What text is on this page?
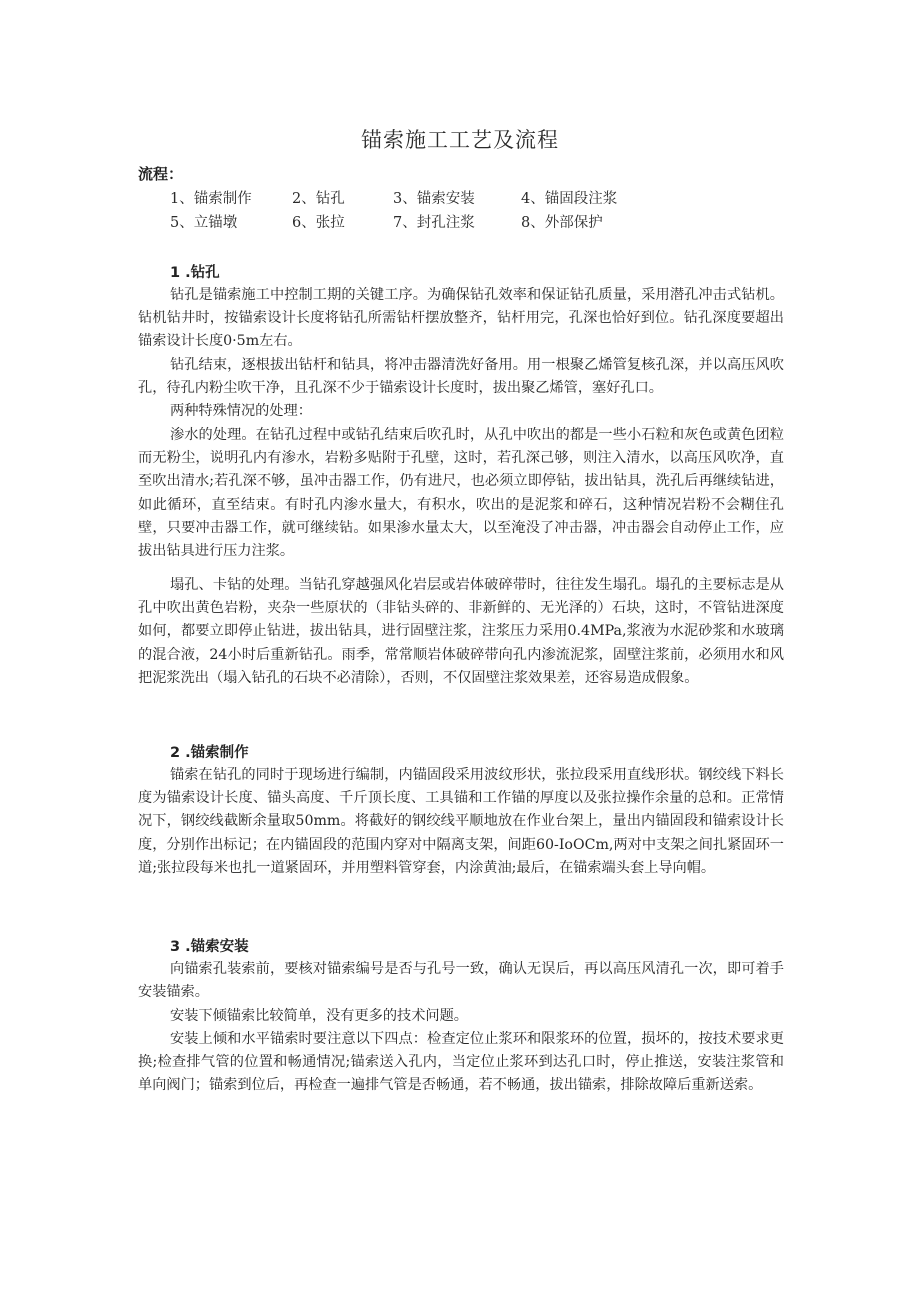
锚索施工工艺及流程
流程：
1、锚索制作	2、钻孔	3、锚索安装	4、锚固段注浆
5、立锚墩	6、张拉	7、封孔注浆	8、外部保护
1 .钻孔
钻孔是锚索施工中控制工期的关键工序。为确保钻孔效率和保证钻孔质量，采用潜孔冲击式钻机。钻机钻井时，按锚索设计长度将钻孔所需钻杆摆放整齐，钻杆用完，孔深也恰好到位。钻孔深度要超出锚索设计长度0·5m左右。
钻孔结束，逐根拔出钻杆和钻具，将冲击器清洗好备用。用一根聚乙烯管复核孔深，并以高压风吹孔，待孔内粉尘吹干净，且孔深不少于锚索设计长度时，拔出聚乙烯管，塞好孔口。
两种特殊情况的处理：
渗水的处理。在钻孔过程中或钻孔结束后吹孔时，从孔中吹出的都是一些小石粒和灰色或黄色团粒而无粉尘，说明孔内有渗水，岩粉多贴附于孔壁，这时，若孔深己够，则注入清水，以高压风吹净，直至吹出清水;若孔深不够，虽冲击器工作，仍有进尺，也必须立即停钻，拔出钻具，洗孔后再继续钻进，如此循环，直至结束。有时孔内渗水量大，有积水，吹出的是泥浆和碎石，这种情况岩粉不会糊住孔壁，只要冲击器工作，就可继续钻。如果渗水量太大，以至淹没了冲击器，冲击器会自动停止工作，应拔出钻具进行压力注浆。
塌孔、卡钻的处理。当钻孔穿越强风化岩层或岩体破碎带时，往往发生塌孔。塌孔的主要标志是从孔中吹出黄色岩粉，夹杂一些原状的（非钻头碎的、非新鲜的、无光泽的）石块，这时，不管钻进深度如何，都要立即停止钻进，拔出钻具，进行固壁注浆，注浆压力采用0.4MPa,浆液为水泥砂浆和水玻璃的混合液，24小时后重新钻孔。雨季，常常顺岩体破碎带向孔内渗流泥浆，固壁注浆前，必须用水和风把泥浆洗出（塌入钻孔的石块不必清除），否则，不仅固壁注浆效果差，还容易造成假象。
2 .锚索制作
锚索在钻孔的同时于现场进行编制，内锚固段采用波纹形状，张拉段采用直线形状。钢绞线下料长度为锚索设计长度、锚头高度、千斤顶长度、工具锚和工作锚的厚度以及张拉操作余量的总和。正常情况下，钢绞线截断余量取50mm。将截好的钢绞线平顺地放在作业台架上，量出内锚固段和锚索设计长度，分别作出标记；在内锚固段的范围内穿对中隔离支架，间距60-IoOCm,两对中支架之间扎紧固环一道;张拉段每米也扎一道紧固环，并用塑料管穿套，内涂黄油;最后，在锚索端头套上导向帽。
3 .锚索安装
向锚索孔装索前，要核对锚索编号是否与孔号一致，确认无误后，再以高压风清孔一次，即可着手安装锚索。
安装下倾锚索比较简单，没有更多的技术问题。
安装上倾和水平锚索时要注意以下四点：检查定位止浆环和限浆环的位置，损坏的，按技术要求更换;检查排气管的位置和畅通情况;锚索送入孔内，当定位止浆环到达孔口时，停止推送，安装注浆管和单向阀门；锚索到位后，再检查一遍排气管是否畅通，若不畅通，拔出锚索，排除故障后重新送索。
